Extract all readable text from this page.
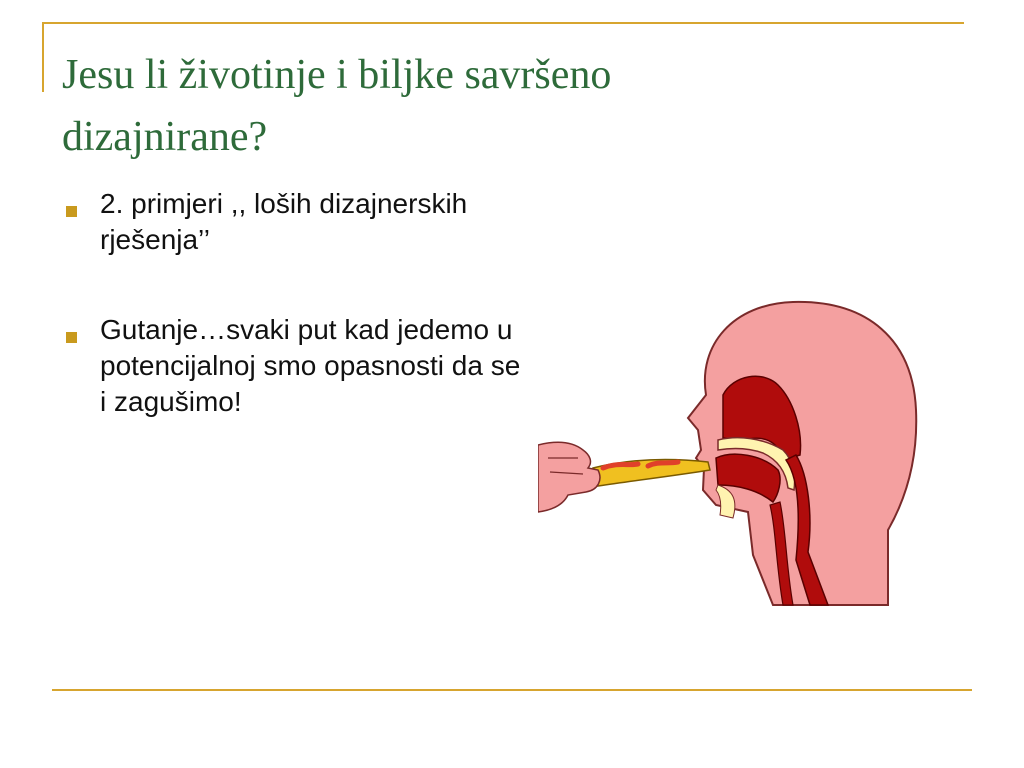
Jesu li životinje i biljke savršeno dizajnirane?
2. primjeri ,, loših dizajnerskih rješenja’’
Gutanje…svaki put kad jedemo u potencijalnoj smo opasnosti da se i zagušimo!
